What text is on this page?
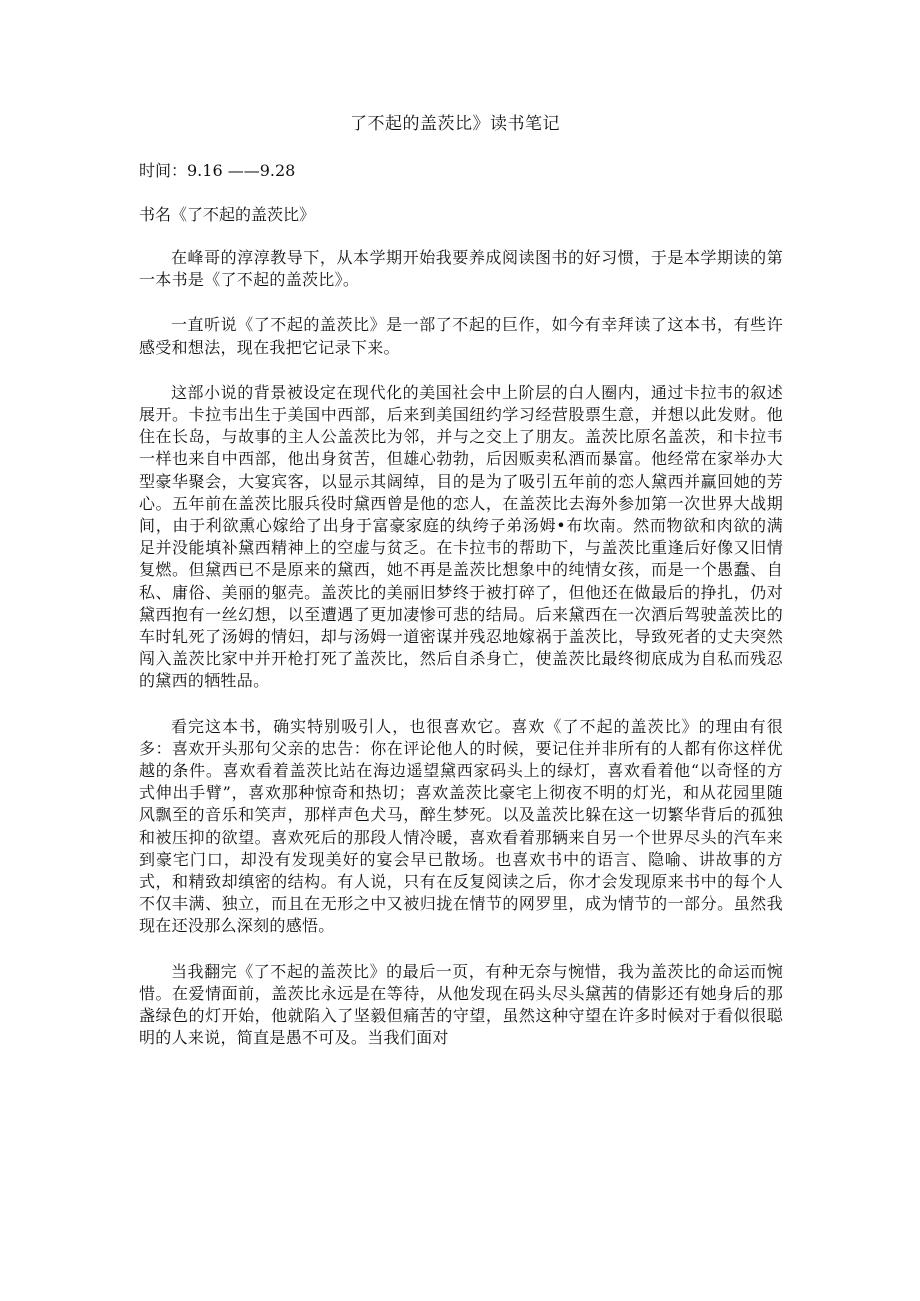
了不起的盖茨比》读书笔记
时间：9.16 ——9.28
书名《了不起的盖茨比》

在峰哥的淳淳教导下，从本学期开始我要养成阅读图书的好习惯，于是本学期读的第一本书是《了不起的盖茨比》。

一直听说《了不起的盖茨比》是一部了不起的巨作，如今有幸拜读了这本书，有些许感受和想法，现在我把它记录下来。

这部小说的背景被设定在现代化的美国社会中上阶层的白人圈内，通过卡拉韦的叙述展开。卡拉韦出生于美国中西部，后来到美国纽约学习经营股票生意，并想以此发财。他住在长岛，与故事的主人公盖茨比为邻，并与之交上了朋友。盖茨比原名盖茨，和卡拉韦一样也来自中西部，他出身贫苦，但雄心勃勃，后因贩卖私酒而暴富。他经常在家举办大型豪华聚会，大宴宾客，以显示其阔绰，目的是为了吸引五年前的恋人黛西并赢回她的芳心。五年前在盖茨比服兵役时黛西曾是他的恋人，在盖茨比去海外参加第一次世界大战期间，由于利欲熏心嫁给了出身于富豪家庭的纨绔子弟汤姆•布坎南。然而物欲和肉欲的满足并没能填补黛西精神上的空虚与贫乏。在卡拉韦的帮助下，与盖茨比重逢后好像又旧情复燃。但黛西已不是原来的黛西，她不再是盖茨比想象中的纯情女孩，而是一个愚蠢、自私、庸俗、美丽的躯壳。盖茨比的美丽旧梦终于被打碎了，但他还在做最后的挣扎，仍对黛西抱有一丝幻想，以至遭遇了更加凄惨可悲的结局。后来黛西在一次酒后驾驶盖茨比的车时轧死了汤姆的情妇，却与汤姆一道密谋并残忍地嫁祸于盖茨比，导致死者的丈夫突然闯入盖茨比家中并开枪打死了盖茨比，然后自杀身亡，使盖茨比最终彻底成为自私而残忍的黛西的牺牲品。

看完这本书，确实特别吸引人，也很喜欢它。喜欢《了不起的盖茨比》的理由有很多：喜欢开头那句父亲的忠告：你在评论他人的时候，要记住并非所有的人都有你这样优越的条件。喜欢看着盖茨比站在海边遥望黛西家码头上的绿灯，喜欢看着他“以奇怪的方式伸出手臂”，喜欢那种惊奇和热切；喜欢盖茨比豪宅上彻夜不明的灯光，和从花园里随风飘至的音乐和笑声，那样声色犬马，醉生梦死。以及盖茨比躲在这一切繁华背后的孤独和被压抑的欲望。喜欢死后的那段人情冷暖，喜欢看着那辆来自另一个世界尽头的汽车来到豪宅门口，却没有发现美好的宴会早已散场。也喜欢书中的语言、隐喻、讲故事的方式，和精致却缜密的结构。有人说，只有在反复阅读之后，你才会发现原来书中的每个人不仅丰满、独立，而且在无形之中又被归拢在情节的网罗里，成为情节的一部分。虽然我现在还没那么深刻的感悟。

当我翻完《了不起的盖茨比》的最后一页，有种无奈与惋惜，我为盖茨比的命运而惋惜。在爱情面前，盖茨比永远是在等待，从他发现在码头尽头黛茜的倩影还有她身后的那盏绿色的灯开始，他就陷入了坚毅但痛苦的守望，虽然这种守望在许多时候对于看似很聪明的人来说，简直是愚不可及。当我们面对
